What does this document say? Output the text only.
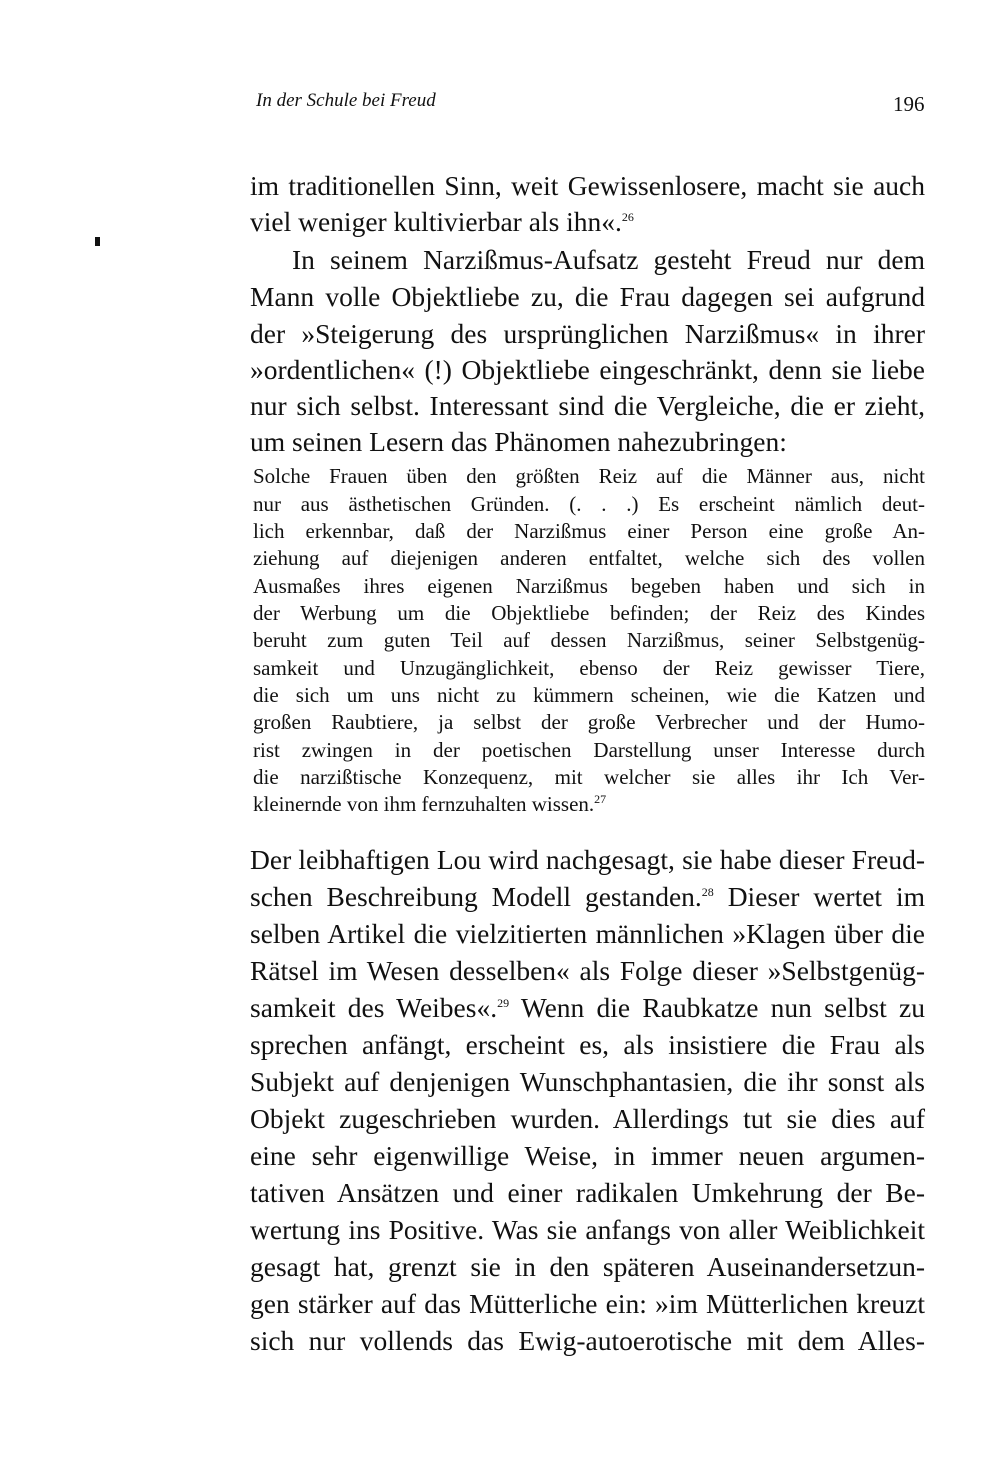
In der Schule bei Freud	196
im traditionellen Sinn, weit Gewissenlosere, macht sie auch
viel weniger kultivierbar als ihn«.$^{26}$
In seinem Narzißmus-Aufsatz gesteht Freud nur dem
Mann volle Objektliebe zu, die Frau dagegen sei aufgrund
der »Steigerung des ursprünglichen Narzißmus« in ihrer
»ordentlichen« (!) Objektliebe eingeschränkt, denn sie liebe
nur sich selbst. Interessant sind die Vergleiche, die er zieht,
um seinen Lesern das Phänomen nahezubringen:
Solche Frauen üben den größten Reiz auf die Männer aus, nicht
nur aus ästhetischen Gründen. (. . .) Es erscheint nämlich deut-
lich erkennbar, daß der Narzißmus einer Person eine große An-
ziehung auf diejenigen anderen entfaltet, welche sich des vollen
Ausmaßes ihres eigenen Narzißmus begeben haben und sich in
der Werbung um die Objektliebe befinden; der Reiz des Kindes
beruht zum guten Teil auf dessen Narzißmus, seiner Selbstgenüg-
samkeit und Unzugänglichkeit, ebenso der Reiz gewisser Tiere,
die sich um uns nicht zu kümmern scheinen, wie die Katzen und
großen Raubtiere, ja selbst der große Verbrecher und der Humo-
rist zwingen in der poetischen Darstellung unser Interesse durch
die narzißtische Konzequenz, mit welcher sie alles ihr Ich Ver-
kleinernde von ihm fernzuhalten wissen.$^{27}$
Der leibhaftigen Lou wird nachgesagt, sie habe dieser Freud-
schen Beschreibung Modell gestanden.$^{28}$ Dieser wertet im
selben Artikel die vielzitierten männlichen »Klagen über die
Rätsel im Wesen desselben« als Folge dieser »Selbstgenüg-
samkeit des Weibes«.$^{29}$ Wenn die Raubkatze nun selbst zu
sprechen anfängt, erscheint es, als insistiere die Frau als
Subjekt auf denjenigen Wunschphantasien, die ihr sonst als
Objekt zugeschrieben wurden. Allerdings tut sie dies auf
eine sehr eigenwillige Weise, in immer neuen argumen-
tativen Ansätzen und einer radikalen Umkehrung der Be-
wertung ins Positive. Was sie anfangs von aller Weiblichkeit
gesagt hat, grenzt sie in den späteren Auseinandersetzun-
gen stärker auf das Mütterliche ein: »im Mütterlichen kreuzt
sich nur vollends das Ewig-autoerotische mit dem Alles-
